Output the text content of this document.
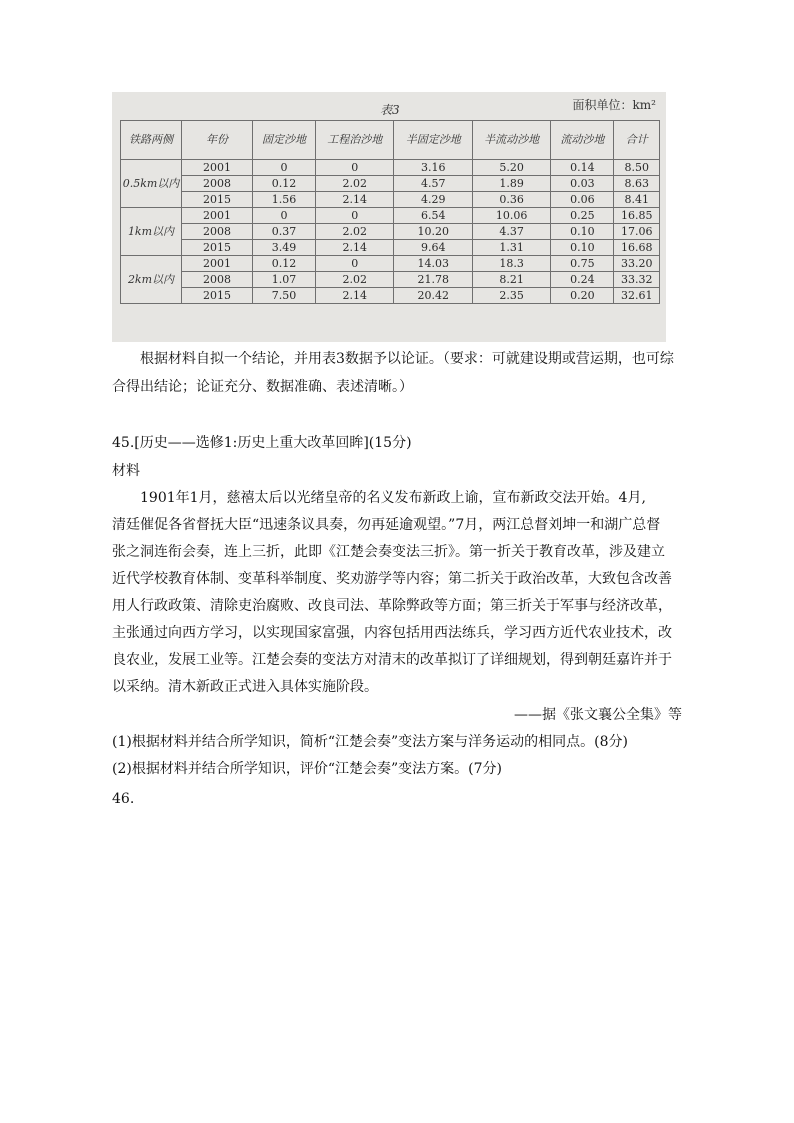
表3	面积单位：km²
铁路两侧	年份	固定沙地	工程治沙地	半固定沙地	半流动沙地	流动沙地	合计
0.5km以内	2001	0	0	3.16	5.20	0.14	8.50
	2008	0.12	2.02	4.57	1.89	0.03	8.63
	2015	1.56	2.14	4.29	0.36	0.06	8.41
1km以内	2001	0	0	6.54	10.06	0.25	16.85
	2008	0.37	2.02	10.20	4.37	0.10	17.06
	2015	3.49	2.14	9.64	1.31	0.10	16.68
2km以内	2001	0.12	0	14.03	18.3	0.75	33.20
	2008	1.07	2.02	21.78	8.21	0.24	33.32
	2015	7.50	2.14	20.42	2.35	0.20	32.61
根据材料自拟一个结论，并用表3数据予以论证。（要求：可就建设期或营运期，也可综
合得出结论；论证充分、数据准确、表述清晰。）
45.[历史——选修1:历史上重大改革回眸](15分)
材料
1901年1月，慈禧太后以光绪皇帝的名义发布新政上谕，宣布新政交法开始。4月,
清廷催促各省督抚大臣“迅速条议具奏，勿再延逾观望。”7月，两江总督刘坤一和湖广总督
张之洞连衔会奏，连上三折，此即《江楚会奏变法三折》。第一折关于教育改革，涉及建立
近代学校教育体制、变革科举制度、奖劝游学等内容；第二折关于政治改革，大致包含改善
用人行政政策、清除吏治腐败、改良司法、革除弊政等方面；第三折关于军事与经济改革，
主张通过向西方学习，以实现国家富强，内容包括用西法练兵，学习西方近代农业技术，改
良农业，发展工业等。江楚会奏的变法方对清末的改革拟订了详细规划，得到朝廷嘉许并于
以采纳。清木新政正式进入具体实施阶段。
——据《张文襄公全集》等
(1)根据材料并结合所学知识，简析“江楚会奏”变法方案与洋务运动的相同点。(8分)
(2)根据材料并结合所学知识，评价“江楚会奏”变法方案。(7分)
46.
